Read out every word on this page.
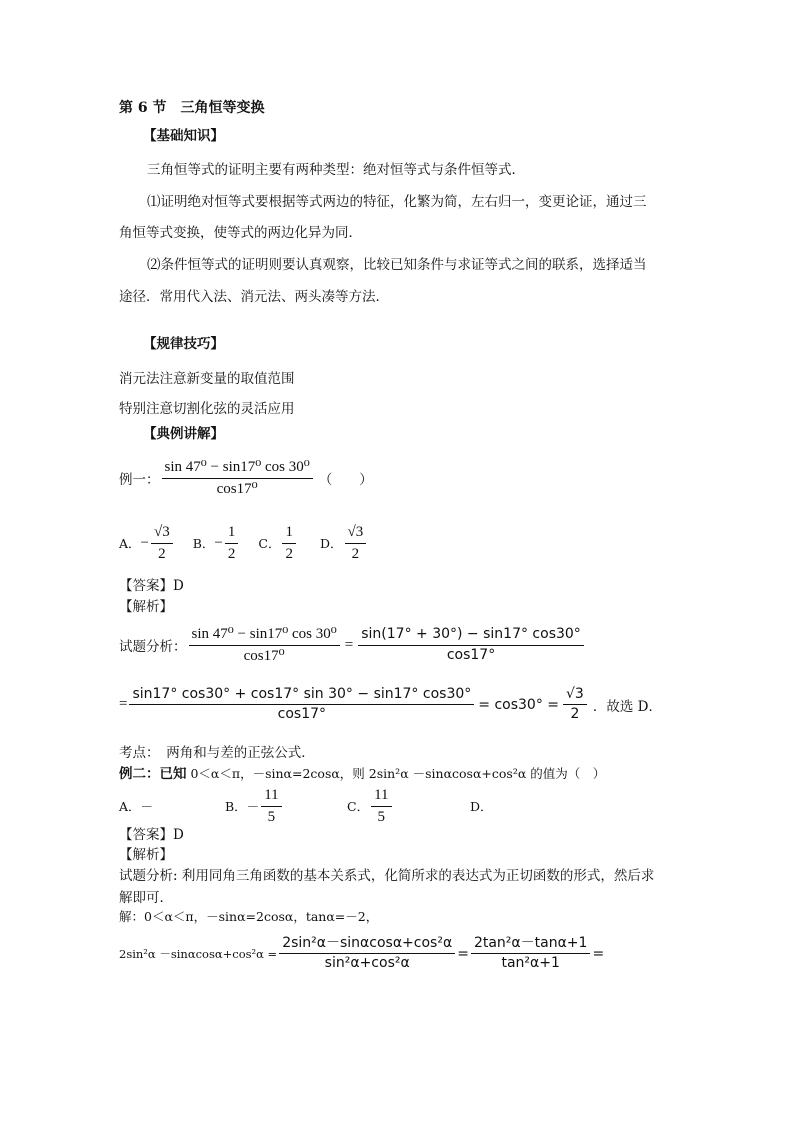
第 6 节　三角恒等变换
【基础知识】
三角恒等式的证明主要有两种类型：绝对恒等式与条件恒等式．
⑴证明绝对恒等式要根据等式两边的特征，化繁为简，左右归一，变更论证，通过三
角恒等式变换，使等式的两边化异为同．
⑵条件恒等式的证明则要认真观察，比较已知条件与求证等式之间的联系，选择适当
途径．常用代入法、消元法、两头凑等方法．
【规律技巧】
消元法注意新变量的取值范围
特别注意切割化弦的灵活应用
【典例讲解】
例一： $\frac{\text{sin 47⁰ − sin17⁰ cos 30⁰}}{\text{cos17⁰}}$ （　　）
A． − $\frac{√3}{2}$ B． − $\frac{1}{2}$ C． $\frac{1}{2}$ D． $\frac{√3}{2}$
【答案】D
【解析】
试题分析： $\frac{\text{sin 47⁰ − sin17⁰ cos 30⁰}}{\text{cos17⁰}} = \frac{\sin(17^\circ + 30^\circ) - \sin 17^\circ \cos 30^\circ}{\cos 17^\circ}$
= $\frac{\sin 17^\circ \cos 30^\circ + \cos 17^\circ \sin 30^\circ - \sin 17^\circ \cos 30^\circ}{\cos 17^\circ} = \cos 30^\circ = \frac{√3}{2}$ ．故选 D．
考点：　两角和与差的正弦公式．
例二：已知 0＜α＜π，－sinα=2cosα，则 2sin²α －sinαcosα+cos²α 的值为（　）
A．－	B．－ $\frac{11}{5}$	C． $\frac{11}{5}$	D．
【答案】D
【解析】
试题分析: 利用同角三角函数的基本关系式，化简所求的表达式为正切函数的形式，然后求
解即可．
解：0＜α＜π，－sinα=2cosα，tanα=－2，
$2\sin^2\alpha -\sin\alpha\cos\alpha+\cos^2\alpha = \frac{\text{2sin²α－sinαcosα+cos²α}}{\text{sin²α+cos²α}} = \frac{\text{2tan²α－tanα+1}}{\text{tan²α+1}}$ =
